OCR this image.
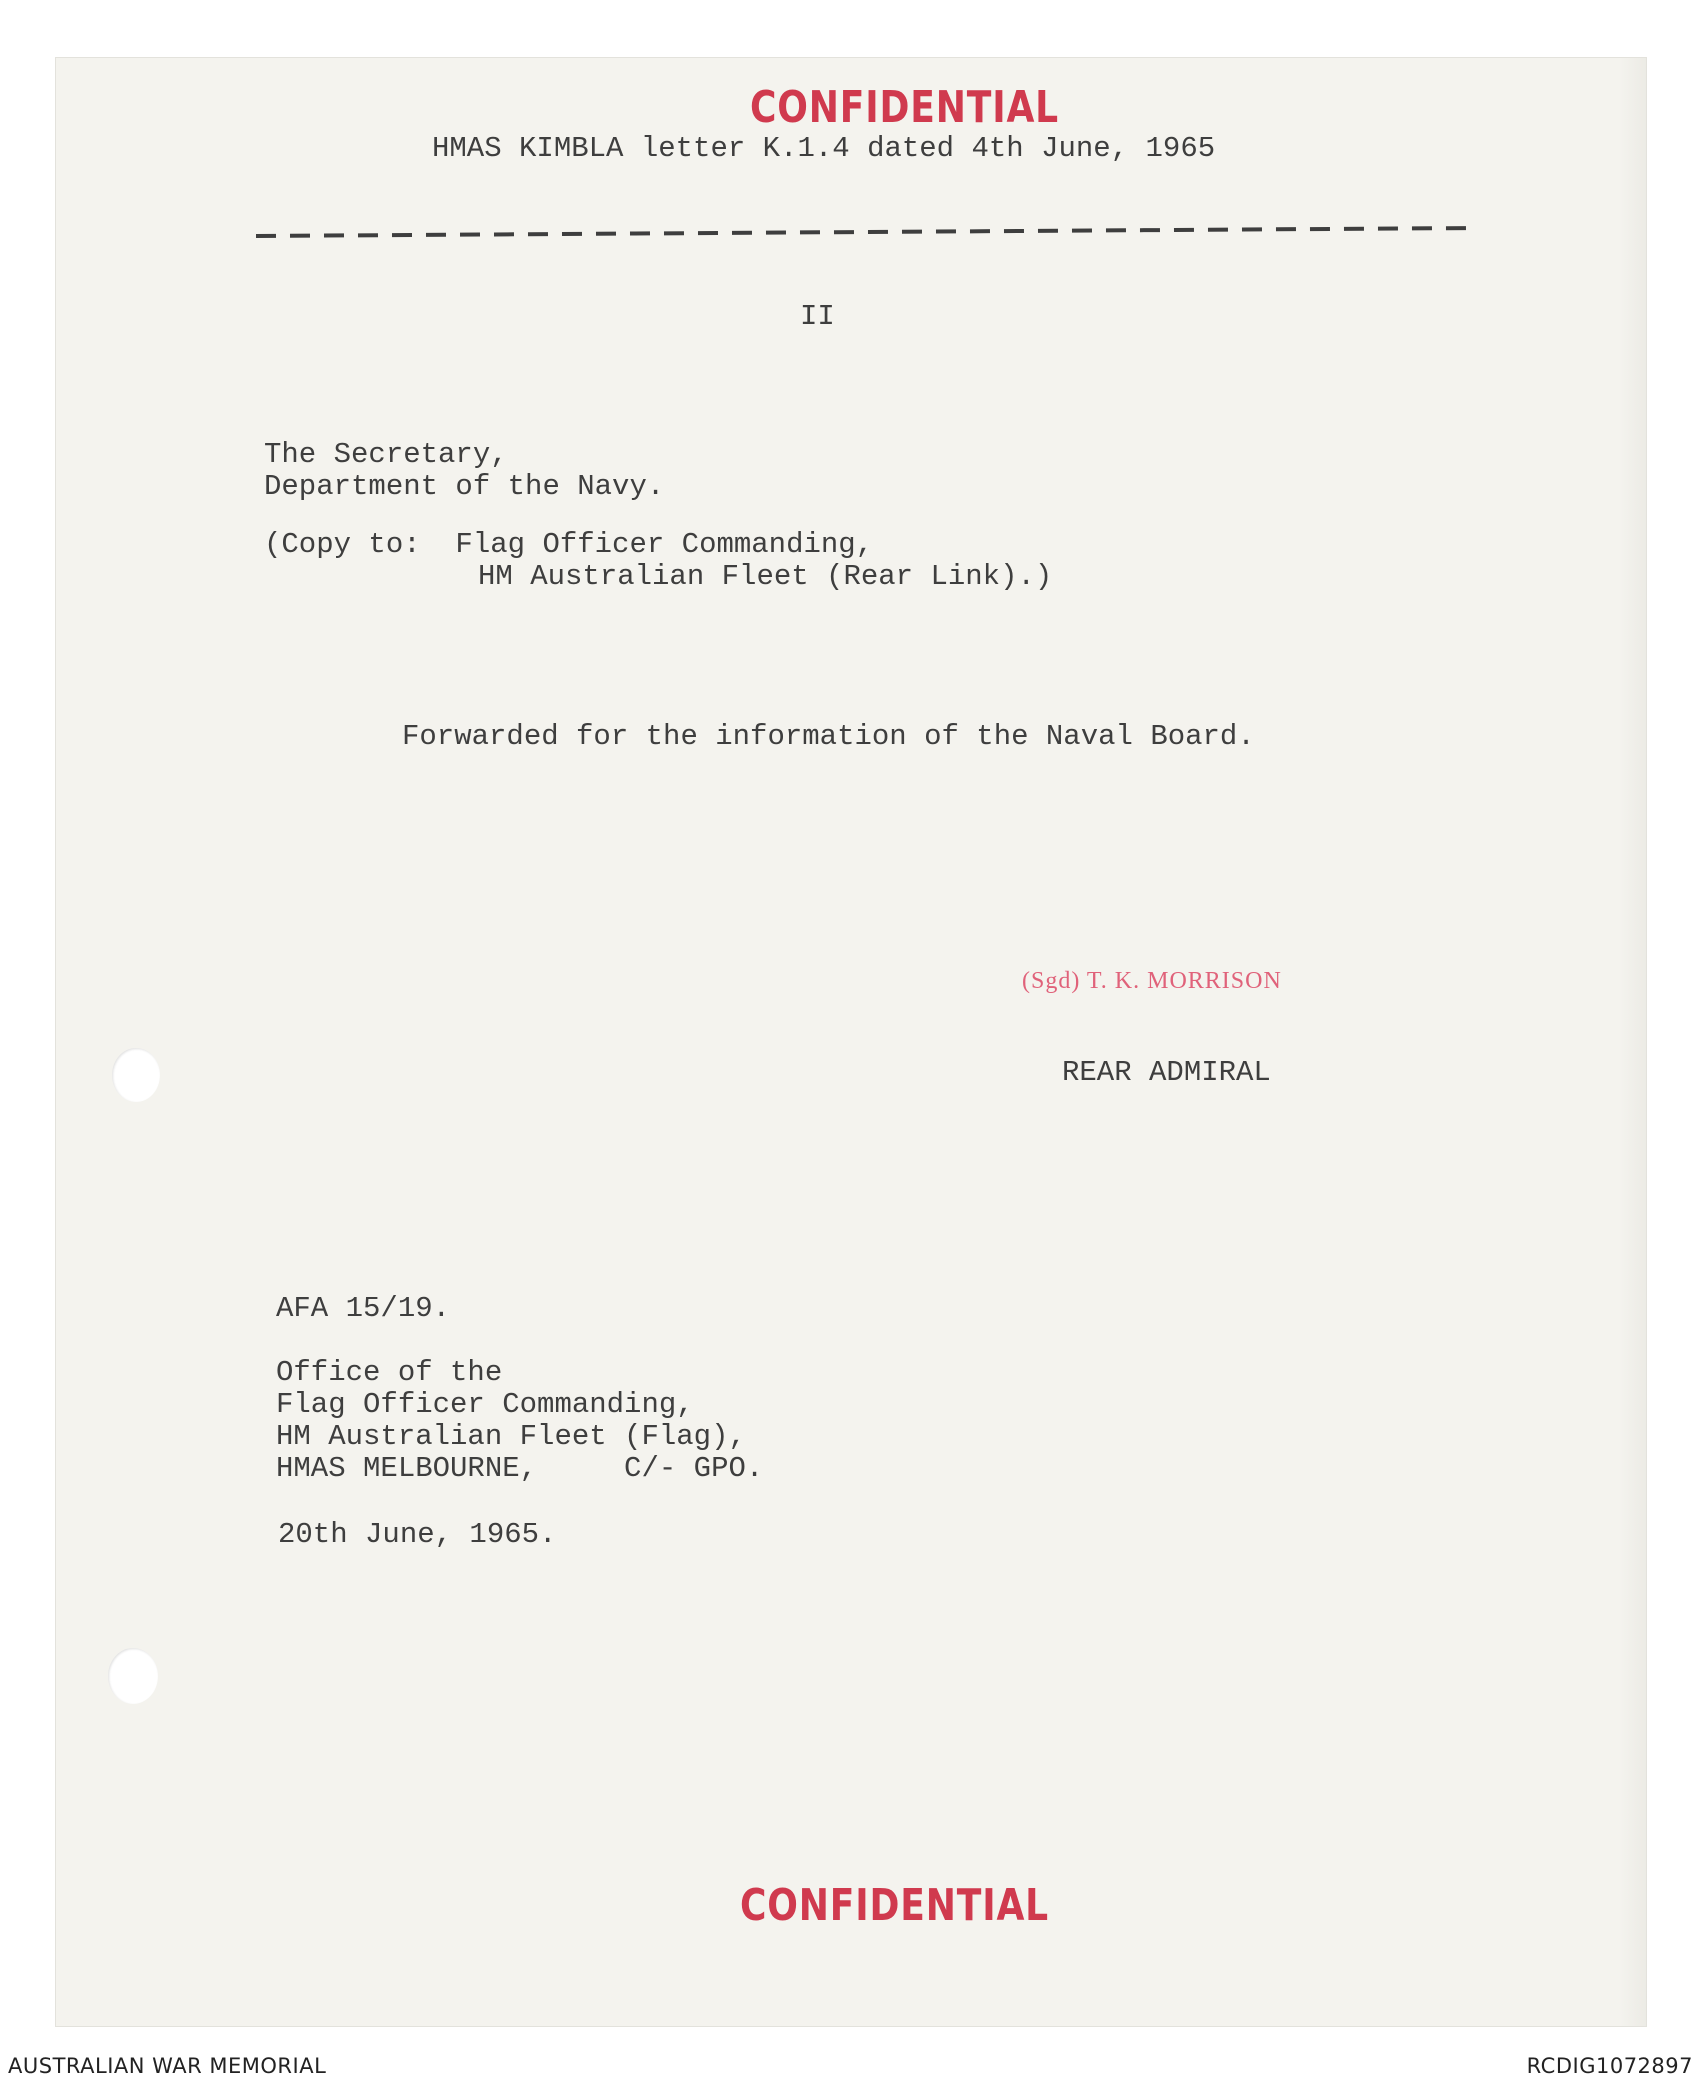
CONFIDENTIAL
HMAS KIMBLA letter K.1.4 dated 4th June, 1965
II
The Secretary,
Department of the Navy.
(Copy to:  Flag Officer Commanding,
HM Australian Fleet (Rear Link).)
Forwarded for the information of the Naval Board.
(Sgd) T. K. MORRISON
REAR ADMIRAL
AFA 15/19.
Office of the
Flag Officer Commanding,
HM Australian Fleet (Flag),
HMAS MELBOURNE,     C/- GPO.
20th June, 1965.
CONFIDENTIAL
AUSTRALIAN WAR MEMORIAL	RCDIG1072897
